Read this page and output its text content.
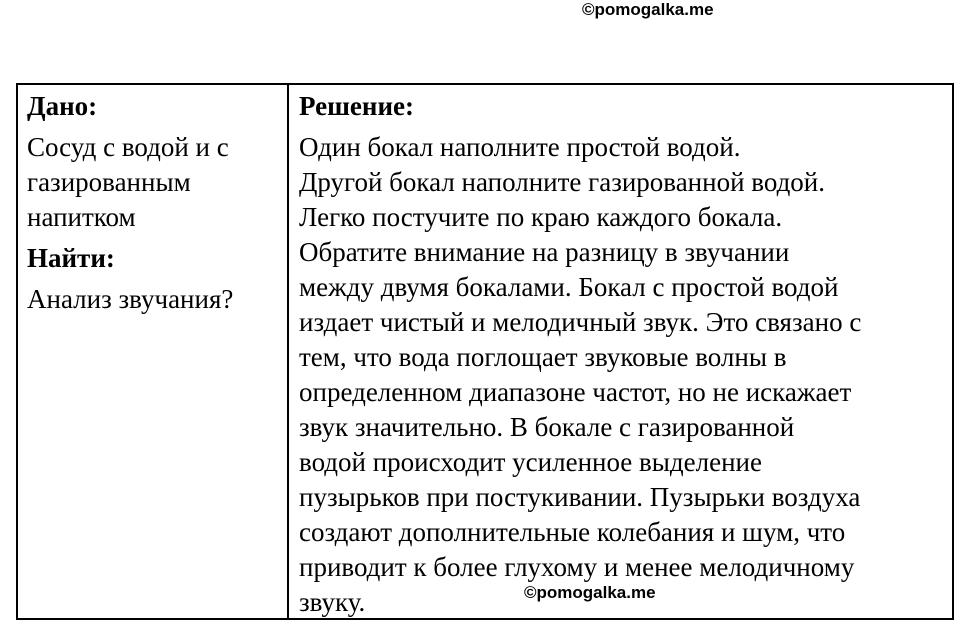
©pomogalka.me
Дано:
Сосуд с водой и с
газированным
напитком
Найти:
Анализ звучания?
Решение:
Один бокал наполните простой водой.
Другой бокал наполните газированной водой.
Легко постучите по краю каждого бокала.
Обратите внимание на разницу в звучании
между двумя бокалами. Бокал с простой водой
издает чистый и мелодичный звук. Это связано с
тем, что вода поглощает звуковые волны в
определенном диапазоне частот, но не искажает
звук значительно. В бокале с газированной
водой происходит усиленное выделение
пузырьков при постукивании. Пузырьки воздуха
создают дополнительные колебания и шум, что
приводит к более глухому и менее мелодичному
звуку.	©pomogalka.me
